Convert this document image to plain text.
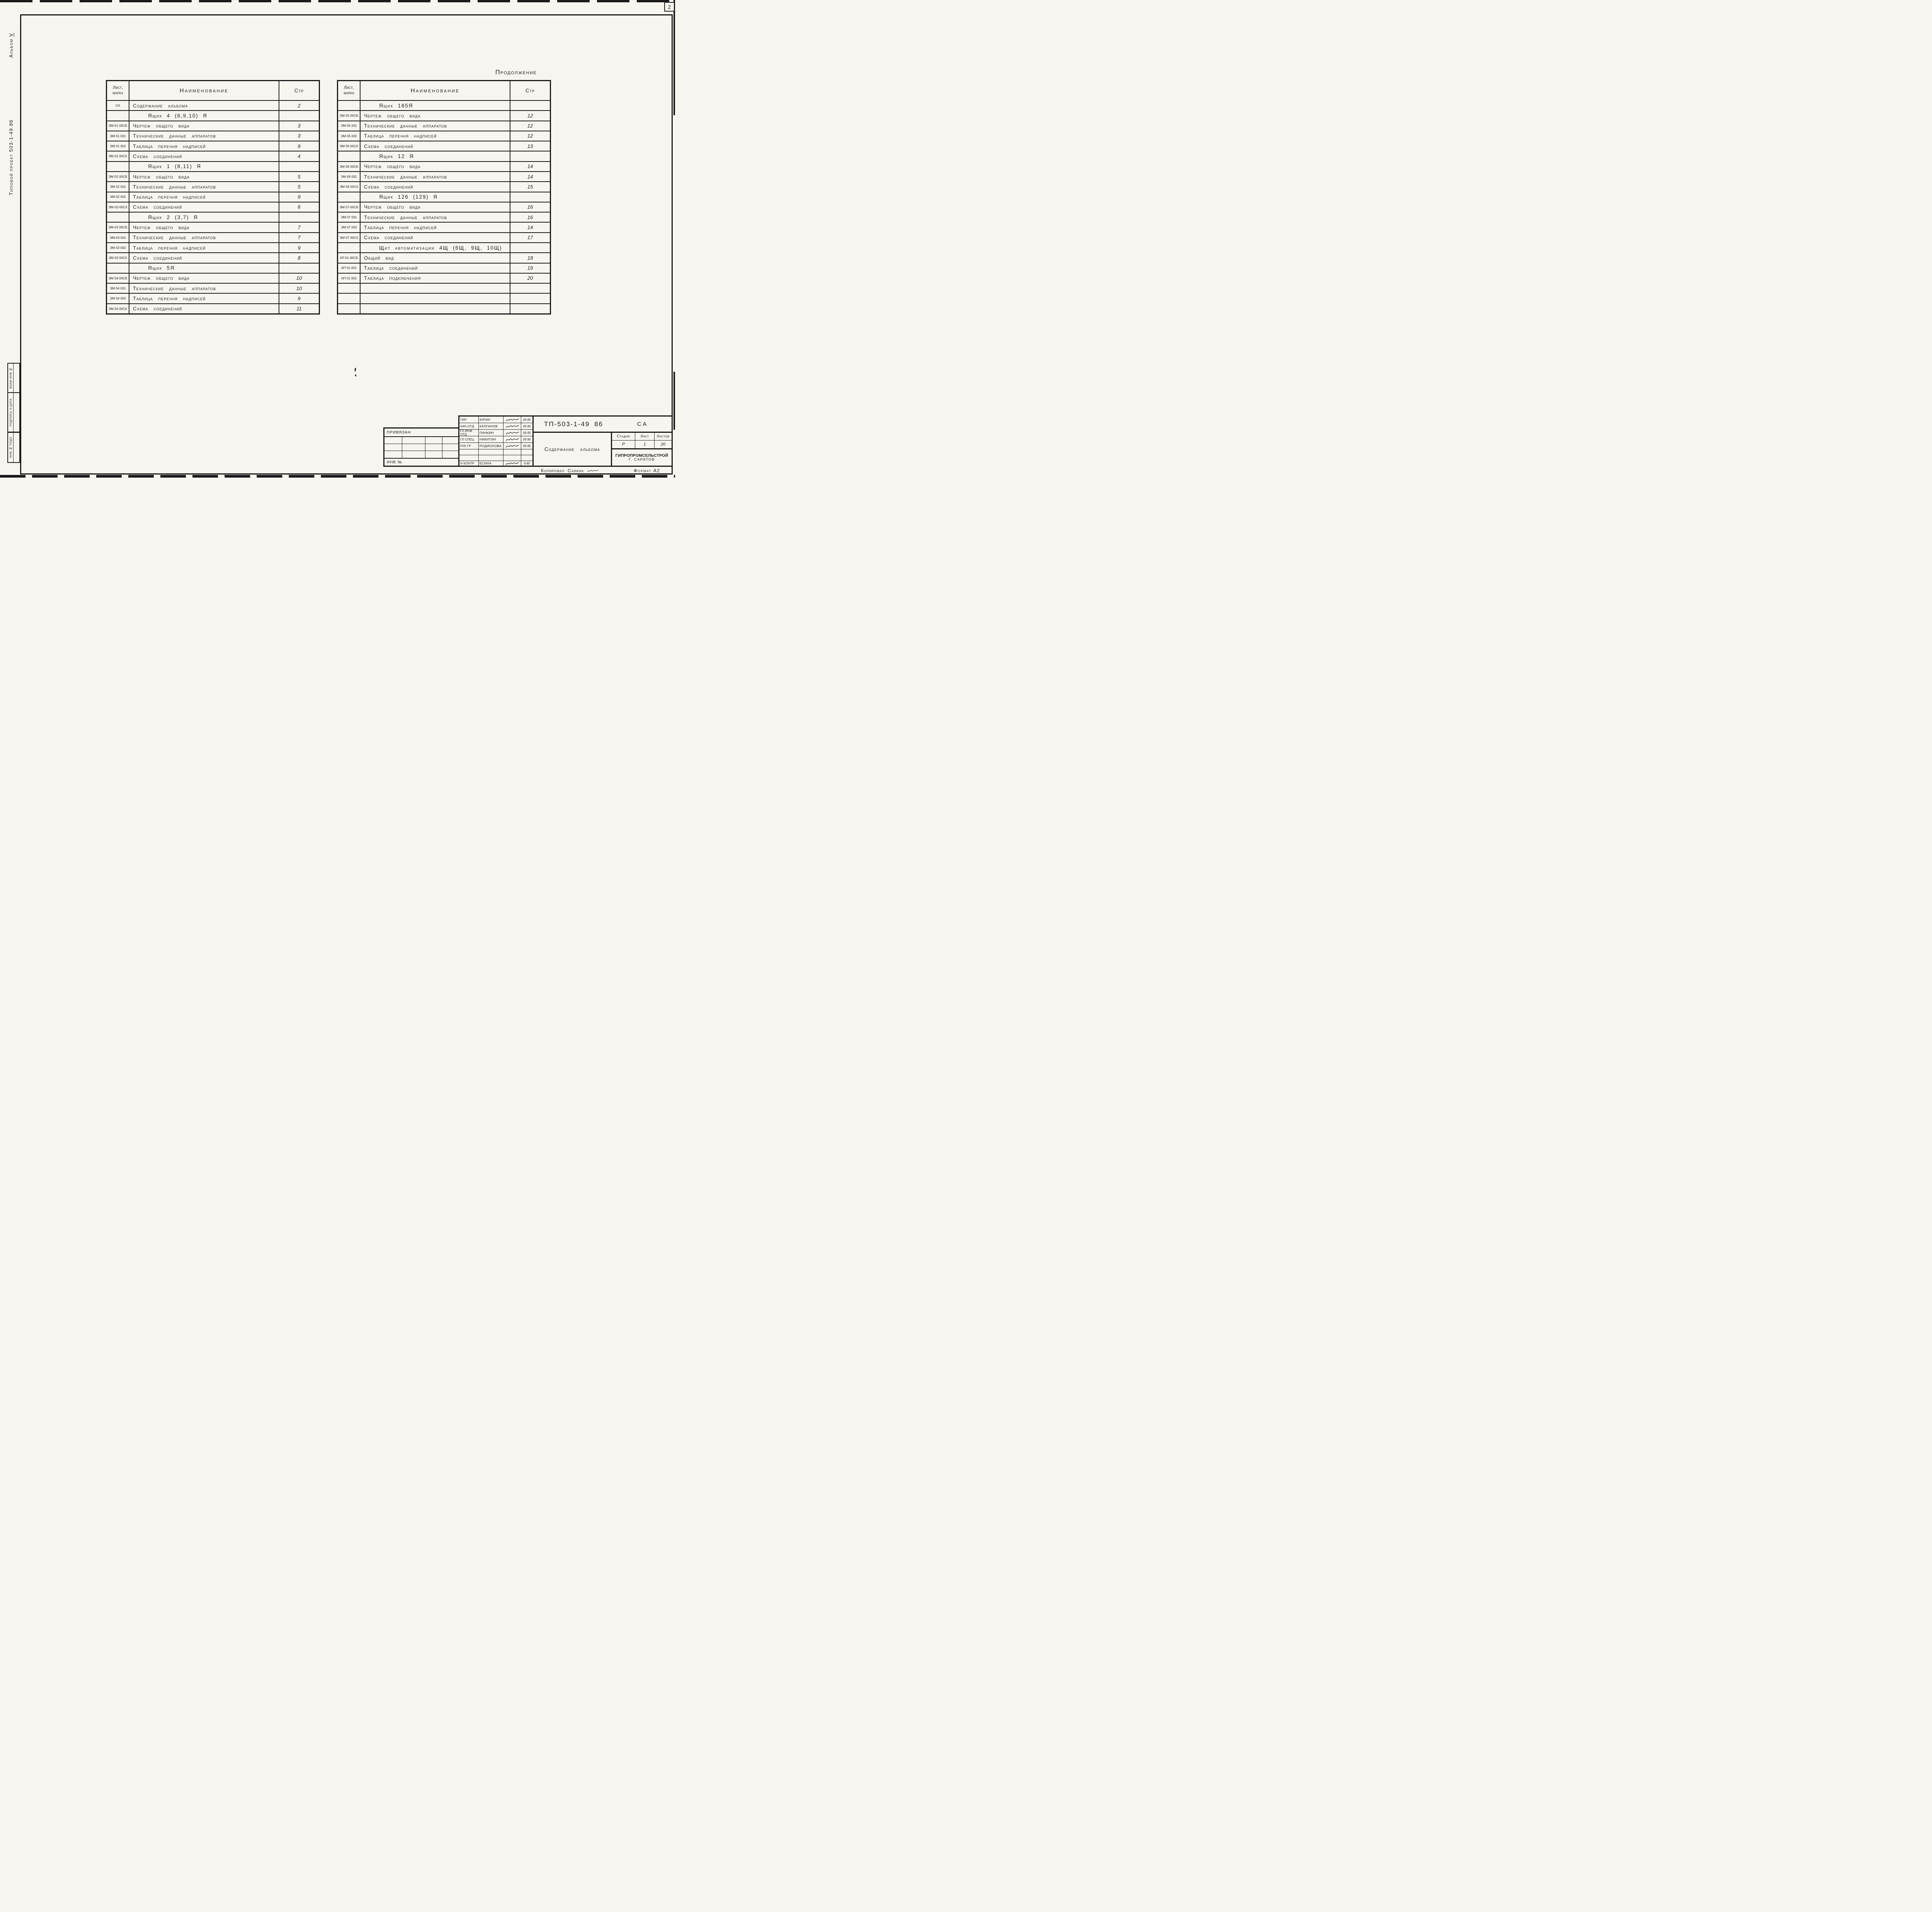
2
Альбом V
Типовой проект 503-1-49 86
ВЗАМ ИНВ №
ПОДПИСЬ И ДАТА
ИНВ № ПОДЛ
Продолжение
Лист,
марка	Наименование	Стр
СА	Содержание альбома	2
Ящик 4 (6,9,10) Я
ЭМ 01 00СБ	Чертеж общего вида	3
ЭМ 01 001	Технические данные аппаратов	3
ЭМ 01 002	Таблица перечня надписей	9
ЭМ 01 00СХ	Схема соединений	4
Ящик 1 (8,11) Я
ЭМ 02 00СБ	Чертеж общего вида	5
ЭМ 02 001	Технические данные аппаратов	5
ЭМ 02 002	Таблица перечня надписей	9
ЭМ-02-00СХ	Схема соединений	6
Ящик 2 (3,7) Я
ЭМ-03 00СБ	Чертеж общего вида	7
ЭМ-03 001	Технические данные аппаратов	7
ЭМ 03 002	Таблица перечня надписей	9
ЭМ 03 00СХ	Схема соединений	8
Ящик 5Я
ЭМ 04 00СБ	Чертеж общего вида	10
ЭМ 04 001	Технические данные аппаратов	10
ЭМ 04 002	Таблица перечня надписей	9
ЭМ 04 00СХ	Схема соединений	11
Лист,
марка	Наименование	Стр
Ящик 165Я
ЭМ 05 00СБ	Чертеж общего вида	12
ЭМ 05 001	Технические данные аппаратов	12
ЭМ 05 002	Таблица перечня надписей	12
ЭМ 05 00СХ	Схема соединений	13
Ящик 12 Я
ЭМ 06 00СБ	Чертеж общего вида	14
ЭМ 06 001	Технические данные аппаратов	14
ЭМ 06 00СХ	Схема соединений	15
Ящик 126 (129) Я
ЭМ 07-00СБ	Чертеж общего вида	16
ЭМ 07 001	Технические данные аппаратов	16
ЭМ 07 002	Таблица перечня надписей	14
ЭМ 07 00СХ	Схема соединений	17
Щит автоматизации 4Щ (6Щ, 9Щ, 10Щ)
АП 01 00СБ	Общий вид	18
АП 01 001	Таблица соединений	19
АП 01 002	Таблица подключения	20
ГИП	ЮРИН	09 85
НАЧ ОТД	КАЛГАНОВ	09 85
ГЛ ИНЖ ОТД	ПАНКИН	09 85
ГЛ СПЕЦ	НИКИТИН	09 85
РУК ГР	РОДИОНОВА	09 85
Н КОНТР	ЕСИНА	9 85
ТП-503-1-49 86	СА
Содержание альбома
Стадия	Лист	Листов
Р	1	20
ГИПРОПРОМСЕЛЬСТРОЙ
Г. САРАТОВ
ПРИВЯЗАН
ИНВ №
Копировал Савина	Формат А2
